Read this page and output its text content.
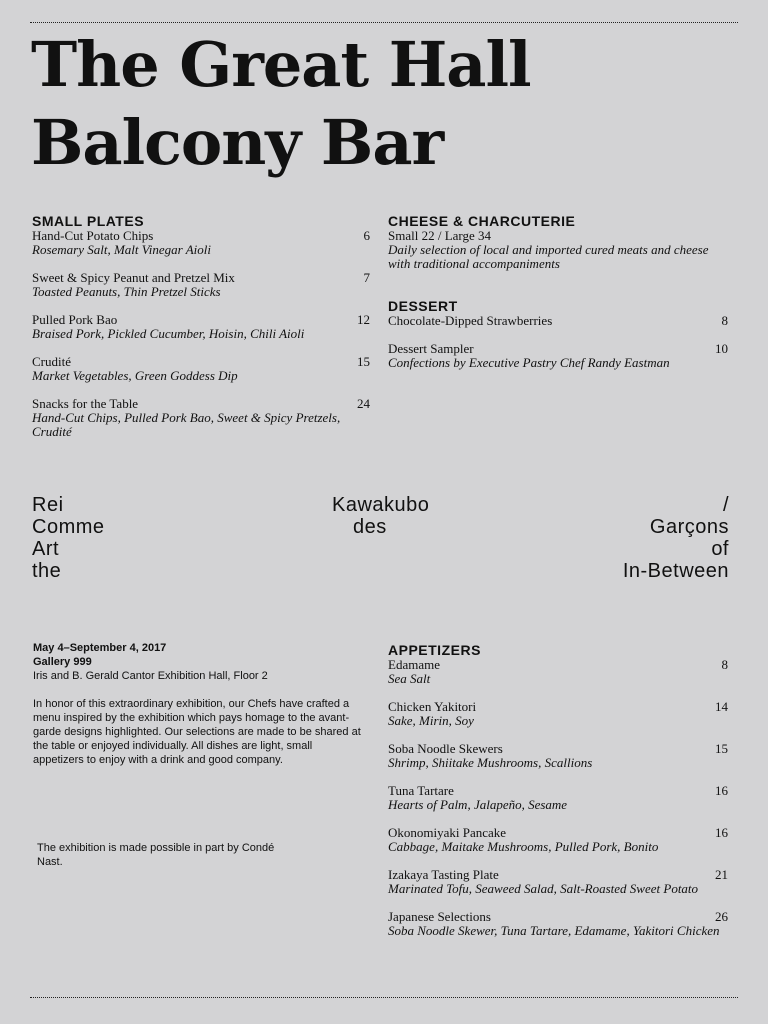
The Great Hall
Balcony Bar
SMALL PLATES
Hand-Cut Potato Chips	6
Rosemary Salt, Malt Vinegar Aioli
Sweet & Spicy Peanut and Pretzel Mix	7
Toasted Peanuts, Thin Pretzel Sticks
Pulled Pork Bao	12
Braised Pork, Pickled Cucumber, Hoisin, Chili Aioli
Crudité	15
Market Vegetables, Green Goddess Dip
Snacks for the Table	24
Hand-Cut Chips, Pulled Pork Bao, Sweet & Spicy Pretzels, Crudité
CHEESE & CHARCUTERIE
Small 22 / Large 34
Daily selection of local and imported cured meats and cheese with traditional accompaniments
DESSERT
Chocolate-Dipped Strawberries	8
Dessert Sampler	10
Confections by Executive Pastry Chef Randy Eastman
Rei
Comme
Art
the
Kawakubo
des
/
Garçons
of
In-Between

May 4–September 4, 2017

Gallery 999

Iris and B. Gerald Cantor Exhibition Hall, Floor 2

In honor of this extraordinary exhibition, our Chefs have crafted a menu inspired by the exhibition which pays homage to the avant-garde designs highlighted. Our selections are made to be shared at the table or enjoyed individually. All dishes are light, small appetizers to enjoy with a drink and good company.

The exhibition is made possible in part by Condé Nast.
APPETIZERS
Edamame	8
Sea Salt
Chicken Yakitori	14
Sake, Mirin, Soy
Soba Noodle Skewers	15
Shrimp, Shiitake Mushrooms, Scallions
Tuna Tartare	16
Hearts of Palm, Jalapeño, Sesame
Okonomiyaki Pancake	16
Cabbage, Maitake Mushrooms, Pulled Pork, Bonito
Izakaya Tasting Plate	21
Marinated Tofu, Seaweed Salad, Salt-Roasted Sweet Potato
Japanese Selections	26
Soba Noodle Skewer, Tuna Tartare, Edamame, Yakitori Chicken
